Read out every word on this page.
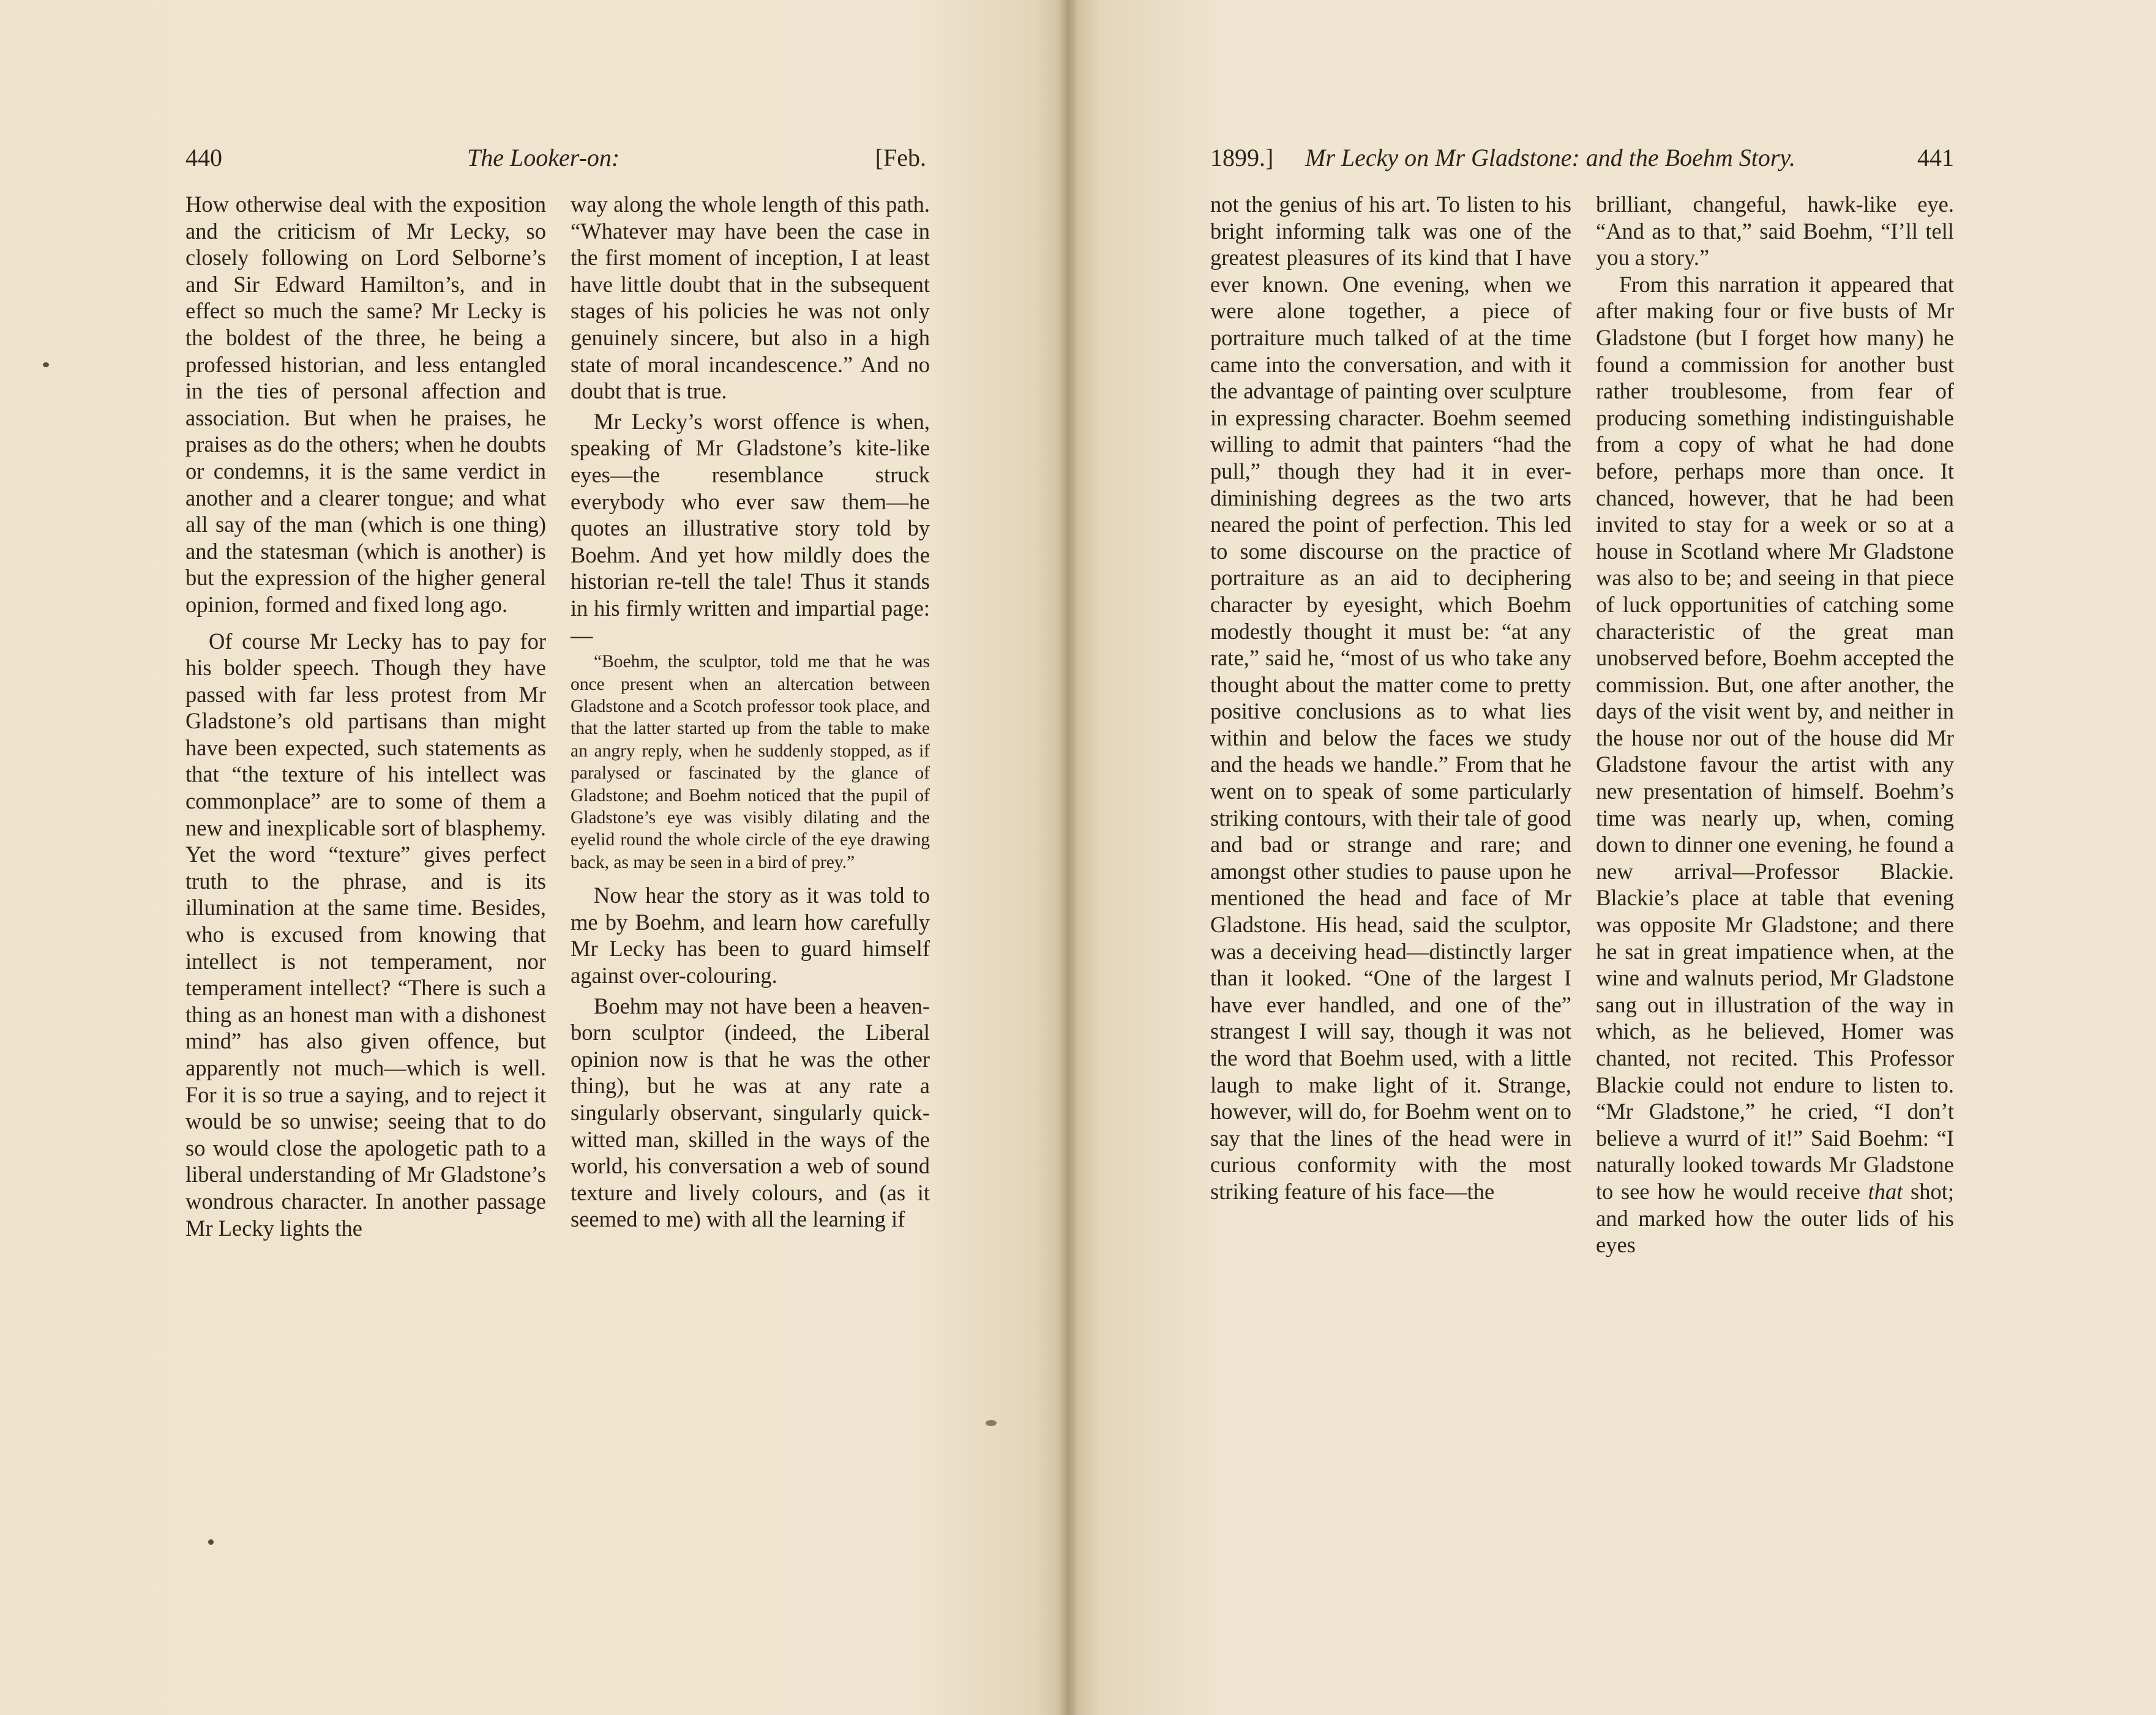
440	The Looker-on:	[Feb.

How otherwise deal with the exposition and the criticism of Mr Lecky, so closely following on Lord Selborne’s and Sir Edward Hamilton’s, and in effect so much the same? Mr Lecky is the boldest of the three, he being a professed historian, and less entangled in the ties of personal affection and association. But when he praises, he praises as do the others; when he doubts or condemns, it is the same verdict in another and a clearer tongue; and what all say of the man (which is one thing) and the statesman (which is another) is but the expression of the higher general opinion, formed and fixed long ago.

Of course Mr Lecky has to pay for his bolder speech. Though they have passed with far less protest from Mr Gladstone’s old partisans than might have been expected, such statements as that “the texture of his intellect was commonplace” are to some of them a new and inexplicable sort of blasphemy. Yet the word “texture” gives perfect truth to the phrase, and is its illumination at the same time. Besides, who is excused from knowing that intellect is not temperament, nor temperament intellect? “There is such a thing as an honest man with a dishonest mind” has also given offence, but apparently not much—which is well. For it is so true a saying, and to reject it would be so unwise; seeing that to do so would close the apologetic path to a liberal understanding of Mr Gladstone’s wondrous character. In another passage Mr Lecky lights the

way along the whole length of this path. “Whatever may have been the case in the first moment of inception, I at least have little doubt that in the subsequent stages of his policies he was not only genuinely sincere, but also in a high state of moral incandescence.” And no doubt that is true.

Mr Lecky’s worst offence is when, speaking of Mr Gladstone’s kite-like eyes—the resemblance struck everybody who ever saw them—he quotes an illustrative story told by Boehm. And yet how mildly does the historian re-tell the tale! Thus it stands in his firmly written and impartial page:—

“Boehm, the sculptor, told me that he was once present when an altercation between Gladstone and a Scotch professor took place, and that the latter started up from the table to make an angry reply, when he suddenly stopped, as if paralysed or fascinated by the glance of Gladstone; and Boehm noticed that the pupil of Gladstone’s eye was visibly dilating and the eyelid round the whole circle of the eye drawing back, as may be seen in a bird of prey.”

Now hear the story as it was told to me by Boehm, and learn how carefully Mr Lecky has been to guard himself against over-colouring.

Boehm may not have been a heaven-born sculptor (indeed, the Liberal opinion now is that he was the other thing), but he was at any rate a singularly observant, singularly quick-witted man, skilled in the ways of the world, his conversation a web of sound texture and lively colours, and (as it seemed to me) with all the learning if

1899.] Mr Lecky on Mr Gladstone: and the Boehm Story.	441

not the genius of his art. To listen to his bright informing talk was one of the greatest pleasures of its kind that I have ever known. One evening, when we were alone together, a piece of portraiture much talked of at the time came into the conversation, and with it the advantage of painting over sculpture in expressing character. Boehm seemed willing to admit that painters “had the pull,” though they had it in ever-diminishing degrees as the two arts neared the point of perfection. This led to some discourse on the practice of portraiture as an aid to deciphering character by eyesight, which Boehm modestly thought it must be: “at any rate,” said he, “most of us who take any thought about the matter come to pretty positive conclusions as to what lies within and below the faces we study and the heads we handle.” From that he went on to speak of some particularly striking contours, with their tale of good and bad or strange and rare; and amongst other studies to pause upon he mentioned the head and face of Mr Gladstone. His head, said the sculptor, was a deceiving head—distinctly larger than it looked. “One of the largest I have ever handled, and one of the” strangest I will say, though it was not the word that Boehm used, with a little laugh to make light of it. Strange, however, will do, for Boehm went on to say that the lines of the head were in curious conformity with the most striking feature of his face—the

brilliant, changeful, hawk-like eye. “And as to that,” said Boehm, “I’ll tell you a story.”

From this narration it appeared that after making four or five busts of Mr Gladstone (but I forget how many) he found a commission for another bust rather troublesome, from fear of producing something indistinguishable from a copy of what he had done before, perhaps more than once. It chanced, however, that he had been invited to stay for a week or so at a house in Scotland where Mr Gladstone was also to be; and seeing in that piece of luck opportunities of catching some characteristic of the great man unobserved before, Boehm accepted the commission. But, one after another, the days of the visit went by, and neither in the house nor out of the house did Mr Gladstone favour the artist with any new presentation of himself. Boehm’s time was nearly up, when, coming down to dinner one evening, he found a new arrival—Professor Blackie. Blackie’s place at table that evening was opposite Mr Gladstone; and there he sat in great impatience when, at the wine and walnuts period, Mr Gladstone sang out in illustration of the way in which, as he believed, Homer was chanted, not recited. This Professor Blackie could not endure to listen to. “Mr Gladstone,” he cried, “I don’t believe a wurrd of it!” Said Boehm: “I naturally looked towards Mr Gladstone to see how he would receive that shot; and marked how the outer lids of his eyes
